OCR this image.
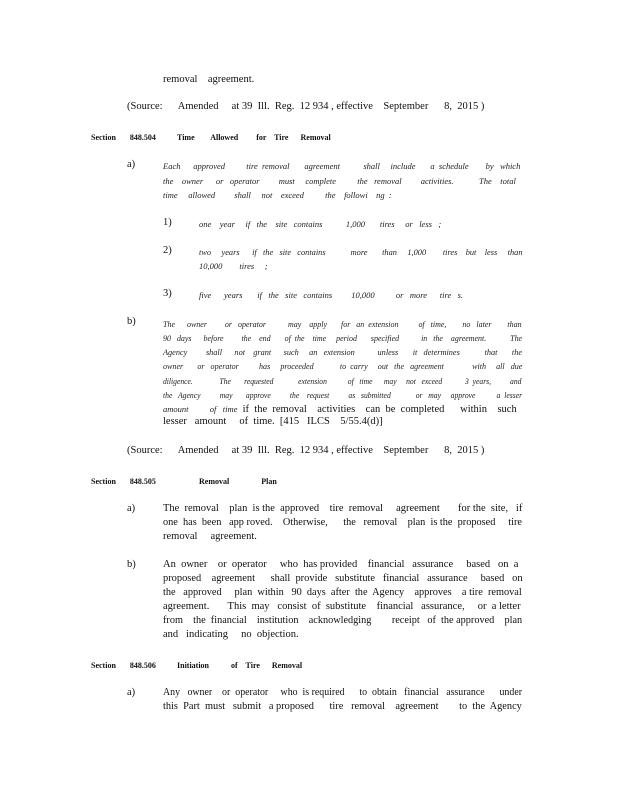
removal    agreement.
(Source:      Amended     at 39  Ill.  Reg.  12 934 , effective    September      8,  2015 )
Section       848.504	Time        Allowed         for    Tire      Removal
a)	Each      approved          tire  removal       agreement           shall     include       a  schedule        by   which
the    owner      or   operator         must     complete          the   removal         activities.            The    total
time     allowed         shall     not    exceed          the    followi    ng  :
1)	one    year     if   the    site   contains           1,000       tires     or   less   ;
2)	two     years      if   the   site   contains            more       than     1,000        tires    but    less     than
10,000        tires     ;
3)	five      years       if   the   site   contains         10,000          or   more      tire   s.
b)	The      owner         or   operator           may    apply       for   an  extension          of   time,        no   later        than
90   days      before         the    end       of  the    time     period       specified           in   the    agreement.            The
Agency         shall      not    grant      such     an   extension           unless       it   determines            that       the
owner       or   operator          has     proceeded             to  carry     out   the   agreement              with     all   due
diligence.              The       requested             extension           of   time      may     not   exceed            3  years,          and
the   Agency          may       approve          the    request          as   submitted             or   may     approve           a  lesser
amount          of   time  if  the  removal    activities    can  be  completed      within    such
lesser   amount     of  time.  [415   ILCS    5/55.4(d)]
(Source:      Amended     at 39  Ill.  Reg.  12 934 , effective    September      8,  2015 )
Section       848.505	Removal                Plan
a)	The  removal    plan  is the  approved    tire  removal     agreement       for the  site,   if
one  has  been   app roved.    Otherwise,      the   removal    plan  is the  proposed     tire
removal     agreement.
b)	An  owner    or  operator     who  has provided    financial   assurance     based   on  a
proposed    agreement      shall  provide   substitute   financial   assurance     based   on
the   approved     plan  within   90  days  after  the  Agency    approves    a tire  removal
agreement.       This  may   consist  of  substitute    financial   assurance,     or  a letter
from    the  financial    institution    acknowledging        receipt   of  the approved    plan
and   indicating     no  objection.
Section       848.506	Initiation           of    Tire      Removal
a)	Any   owner    or  operator     who  is required      to  obtain   financial   assurance      under
this  Part  must   submit   a proposed      tire   removal    agreement        to  the  Agency
